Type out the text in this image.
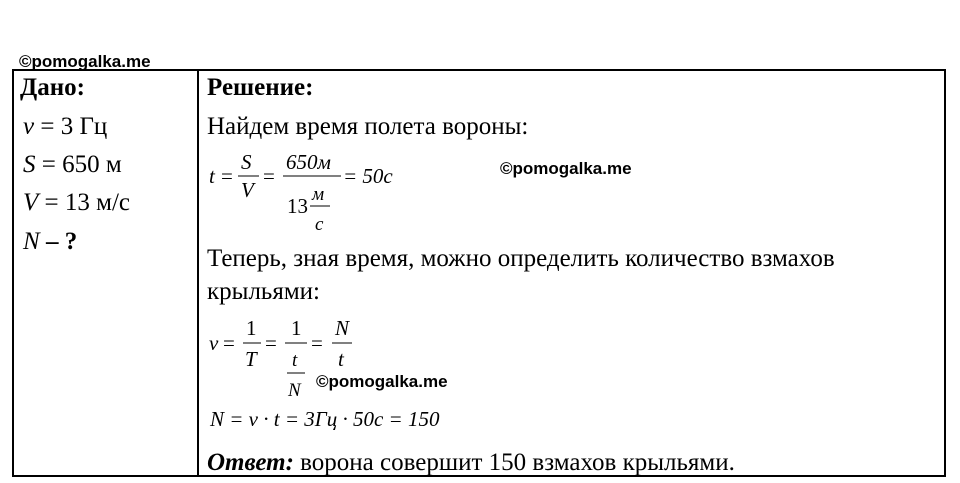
©pomogalka.me
Дано:	Решение:
ν = 3 Гц
S = 650 м
V = 13 м/с
N – ?
Найдем время полета вороны:
t =
S
V
=
650м
13 м
с
= 50с
Теперь, зная время, можно определить количество взмахов
крыльями:
ν =
1
T
=
1
t
N
=
N
t
N = ν · t = 3Гц · 50с = 150
Ответ: ворона совершит 150 взмахов крыльями.
©pomogalka.me
©pomogalka.me
